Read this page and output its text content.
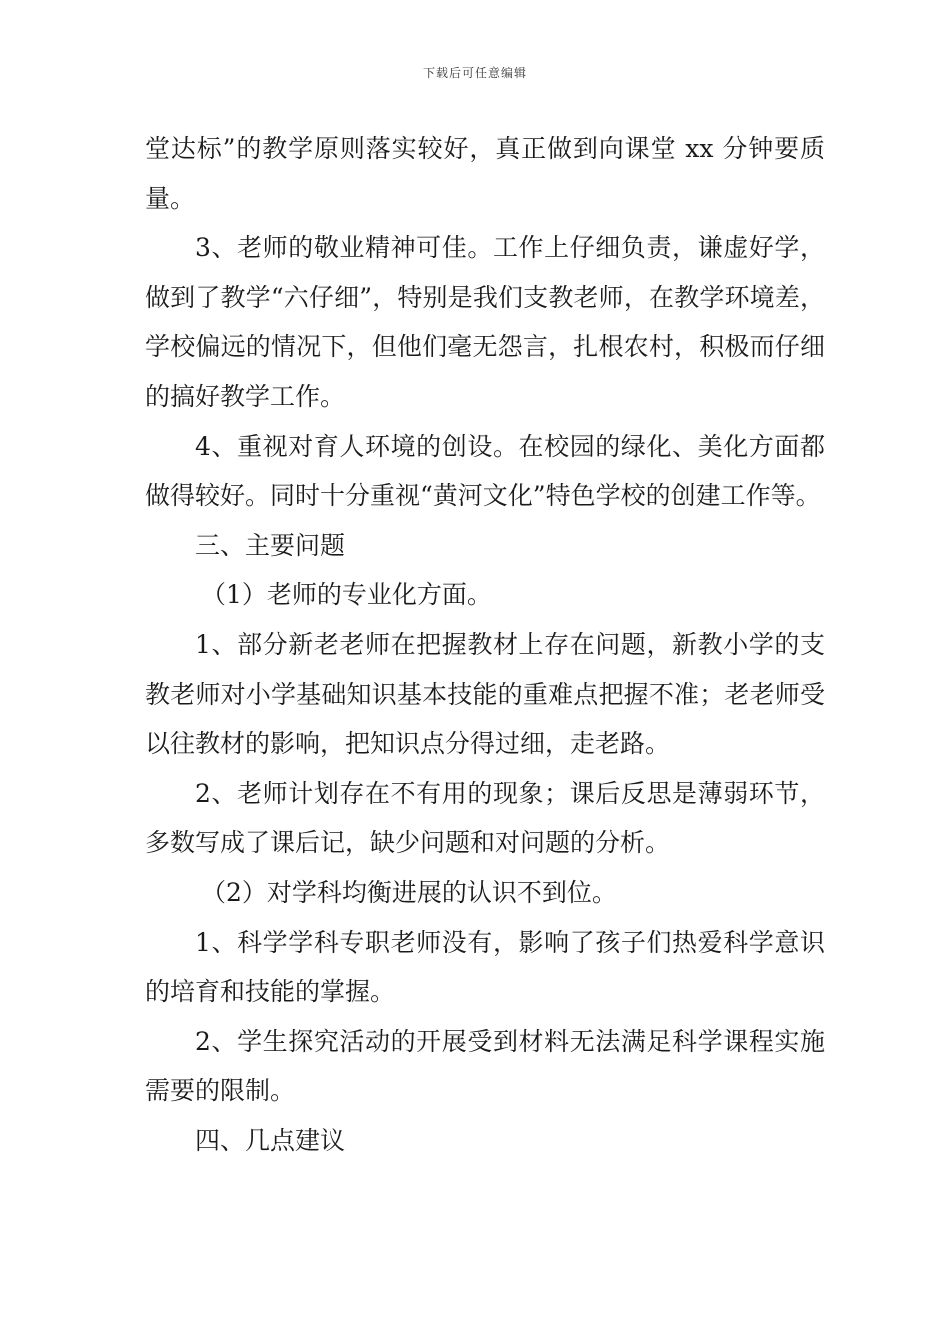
下载后可任意编辑

堂达标”的教学原则落实较好，真正做到向课堂 xx 分钟要质量。

3、老师的敬业精神可佳。工作上仔细负责，谦虚好学，做到了教学“六仔细”，特别是我们支教老师，在教学环境差，学校偏远的情况下，但他们毫无怨言，扎根农村，积极而仔细的搞好教学工作。

4、重视对育人环境的创设。在校园的绿化、美化方面都做得较好。同时十分重视“黄河文化”特色学校的创建工作等。

三、主要问题

（1）老师的专业化方面。

1、部分新老老师在把握教材上存在问题，新教小学的支教老师对小学基础知识基本技能的重难点把握不准；老老师受以往教材的影响，把知识点分得过细，走老路。

2、老师计划存在不有用的现象；课后反思是薄弱环节，多数写成了课后记，缺少问题和对问题的分析。

（2）对学科均衡进展的认识不到位。

1、科学学科专职老师没有，影响了孩子们热爱科学意识的培育和技能的掌握。

2、学生探究活动的开展受到材料无法满足科学课程实施需要的限制。

四、几点建议
